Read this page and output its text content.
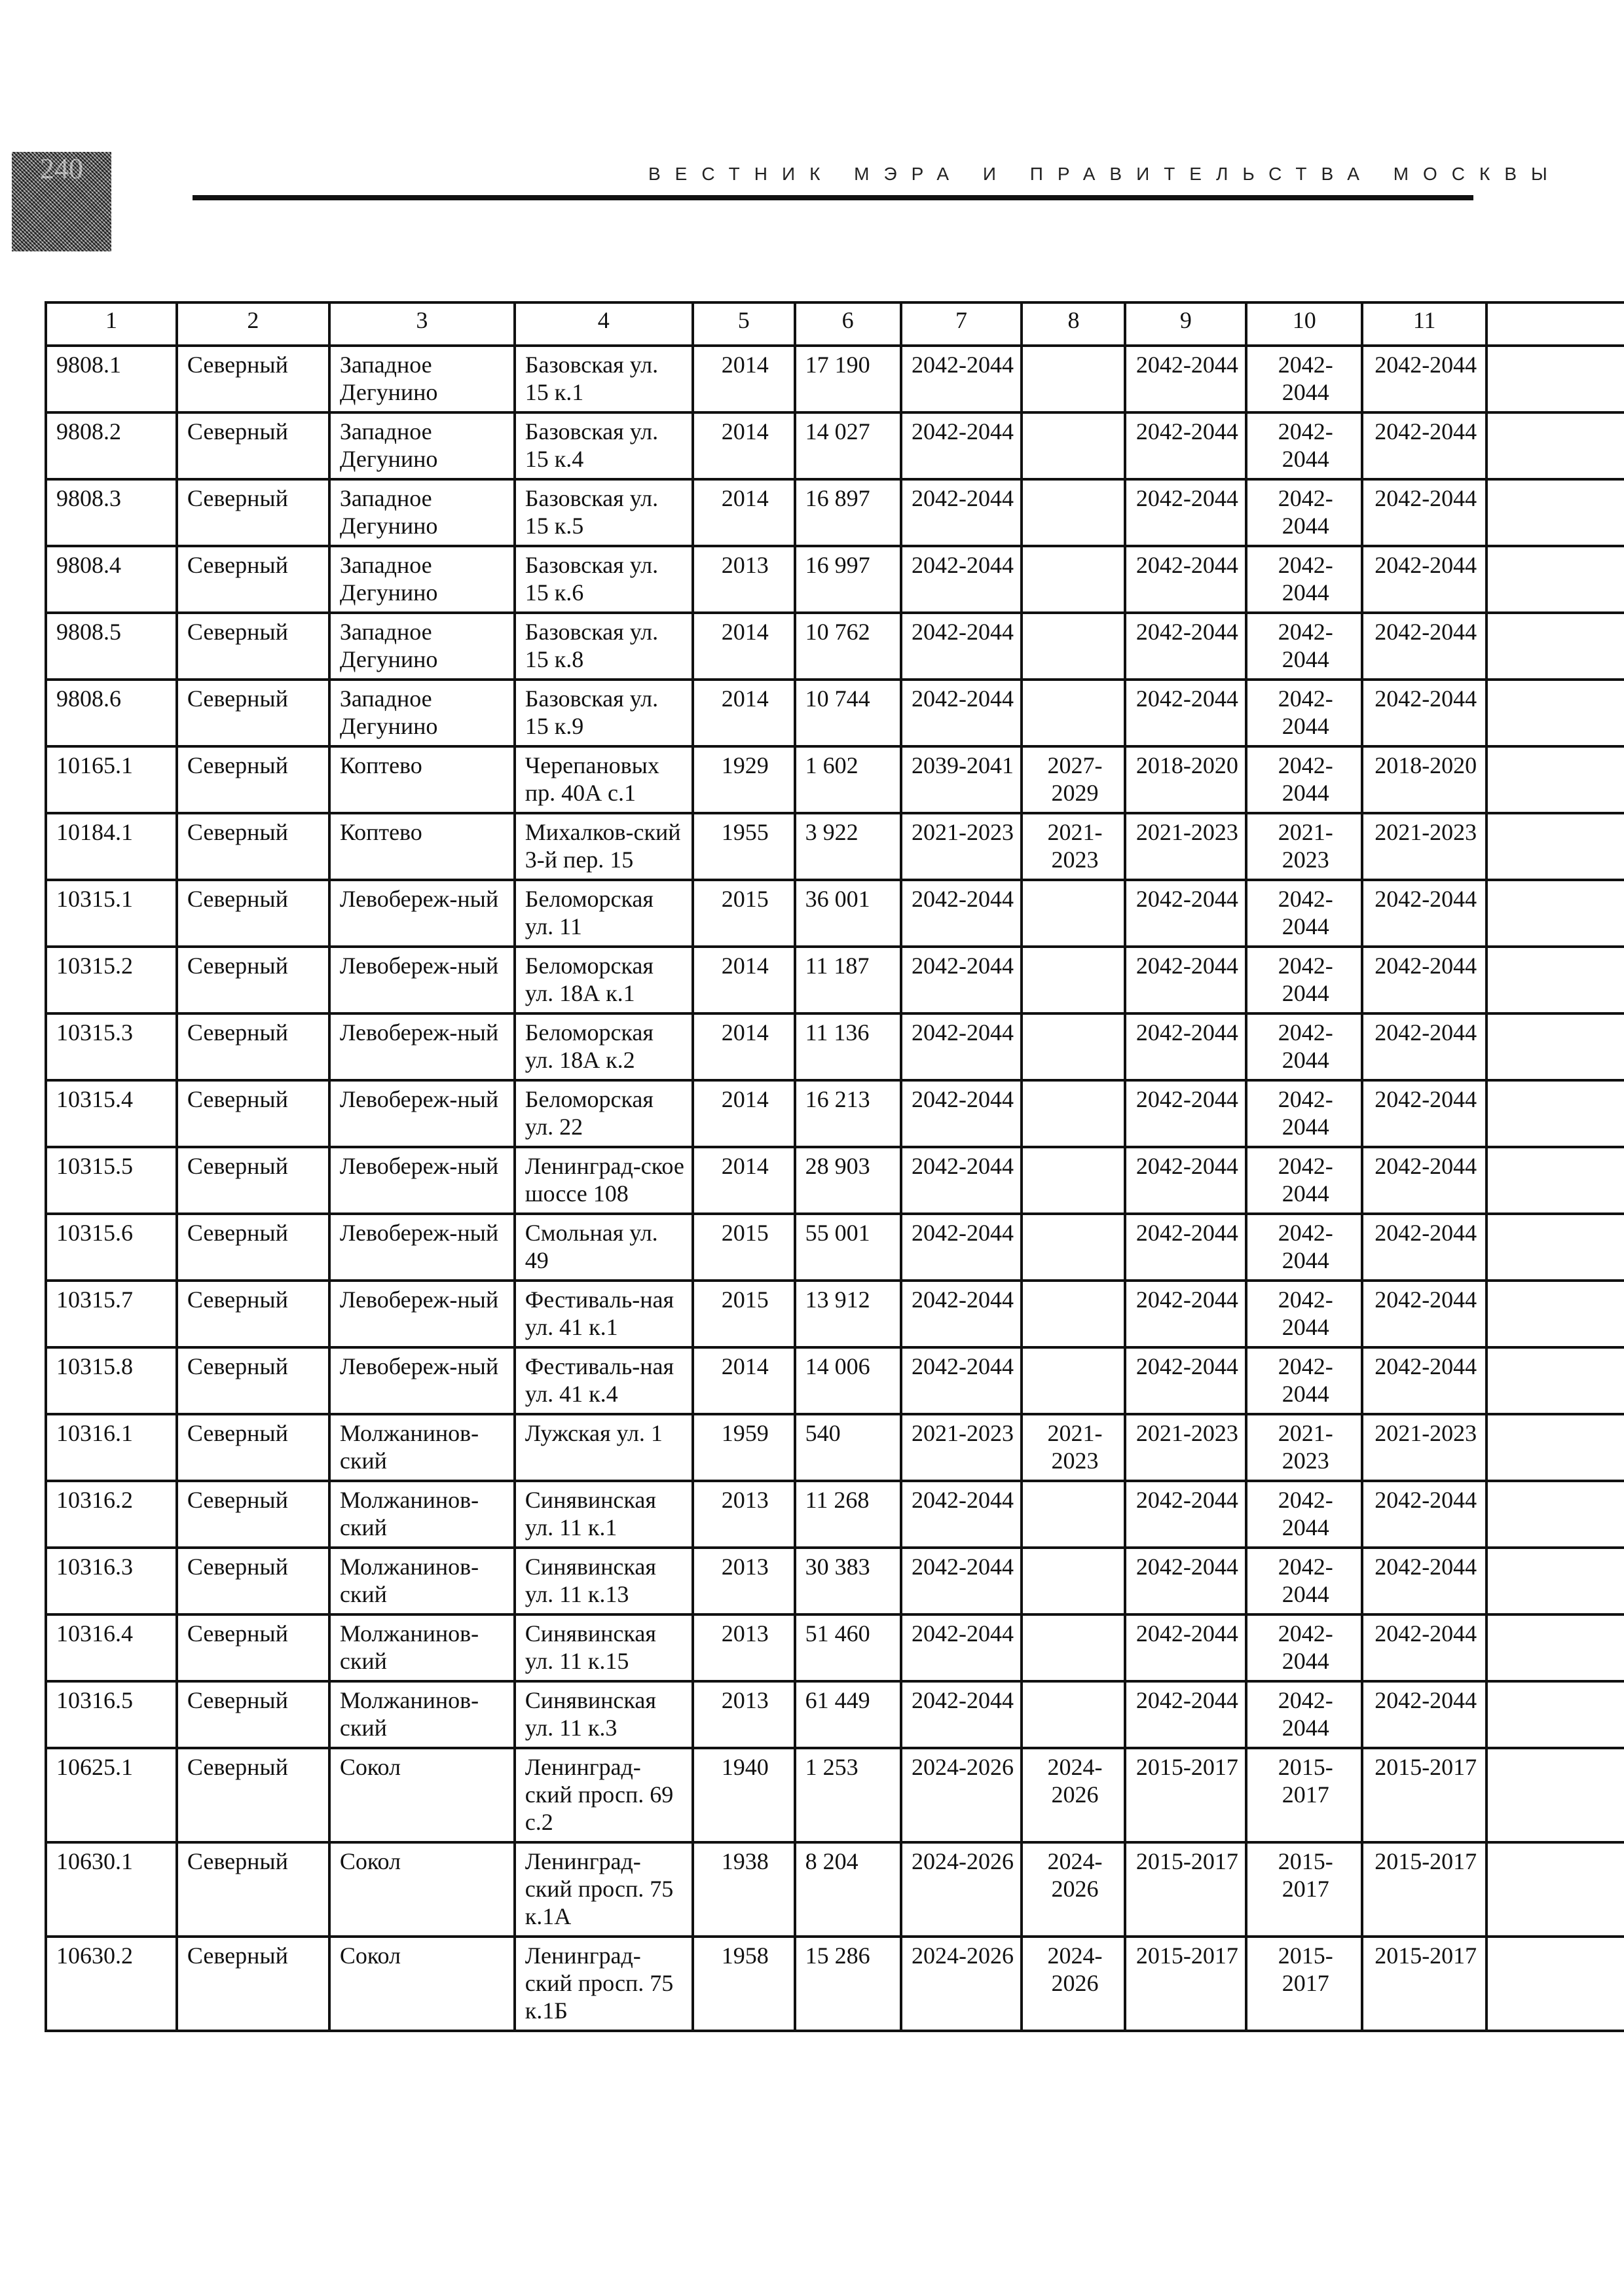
240	ВЕСТНИК МЭРА И ПРАВИТЕЛЬСТВА МОСКВЫ
1	2	3	4	5	6	7	8	9	10	11	
9808.1	Северный	Западное Дегунино	Базовская ул. 15 к.1	2014	17 190	2042-2044		2042-2044	2042-2044	2042-2044	
9808.2	Северный	Западное Дегунино	Базовская ул. 15 к.4	2014	14 027	2042-2044		2042-2044	2042-2044	2042-2044	
9808.3	Северный	Западное Дегунино	Базовская ул. 15 к.5	2014	16 897	2042-2044		2042-2044	2042-2044	2042-2044	
9808.4	Северный	Западное Дегунино	Базовская ул. 15 к.6	2013	16 997	2042-2044		2042-2044	2042-2044	2042-2044	
9808.5	Северный	Западное Дегунино	Базовская ул. 15 к.8	2014	10 762	2042-2044		2042-2044	2042-2044	2042-2044	
9808.6	Северный	Западное Дегунино	Базовская ул. 15 к.9	2014	10 744	2042-2044		2042-2044	2042-2044	2042-2044	
10165.1	Северный	Коптево	Черепановых пр. 40А с.1	1929	1 602	2039-2041	2027-2029	2018-2020	2042-2044	2018-2020	
10184.1	Северный	Коптево	Михалков-ский 3-й пер. 15	1955	3 922	2021-2023	2021-2023	2021-2023	2021-2023	2021-2023	
10315.1	Северный	Левобереж-ный	Беломорская ул. 11	2015	36 001	2042-2044		2042-2044	2042-2044	2042-2044	
10315.2	Северный	Левобереж-ный	Беломорская ул. 18А к.1	2014	11 187	2042-2044		2042-2044	2042-2044	2042-2044	
10315.3	Северный	Левобереж-ный	Беломорская ул. 18А к.2	2014	11 136	2042-2044		2042-2044	2042-2044	2042-2044	
10315.4	Северный	Левобереж-ный	Беломорская ул. 22	2014	16 213	2042-2044		2042-2044	2042-2044	2042-2044	
10315.5	Северный	Левобереж-ный	Ленинград-ское шоссе 108	2014	28 903	2042-2044		2042-2044	2042-2044	2042-2044	
10315.6	Северный	Левобереж-ный	Смольная ул. 49	2015	55 001	2042-2044		2042-2044	2042-2044	2042-2044	
10315.7	Северный	Левобереж-ный	Фестиваль-ная ул. 41 к.1	2015	13 912	2042-2044		2042-2044	2042-2044	2042-2044	
10315.8	Северный	Левобереж-ный	Фестиваль-ная ул. 41 к.4	2014	14 006	2042-2044		2042-2044	2042-2044	2042-2044	
10316.1	Северный	Молжанинов-ский	Лужская ул. 1	1959	540	2021-2023	2021-2023	2021-2023	2021-2023	2021-2023	
10316.2	Северный	Молжанинов-ский	Синявинская ул. 11 к.1	2013	11 268	2042-2044		2042-2044	2042-2044	2042-2044	
10316.3	Северный	Молжанинов-ский	Синявинская ул. 11 к.13	2013	30 383	2042-2044		2042-2044	2042-2044	2042-2044	
10316.4	Северный	Молжанинов-ский	Синявинская ул. 11 к.15	2013	51 460	2042-2044		2042-2044	2042-2044	2042-2044	
10316.5	Северный	Молжанинов-ский	Синявинская ул. 11 к.3	2013	61 449	2042-2044		2042-2044	2042-2044	2042-2044	
10625.1	Северный	Сокол	Ленинград-ский просп. 69 с.2	1940	1 253	2024-2026	2024-2026	2015-2017	2015-2017	2015-2017	
10630.1	Северный	Сокол	Ленинград-ский просп. 75 к.1А	1938	8 204	2024-2026	2024-2026	2015-2017	2015-2017	2015-2017	
10630.2	Северный	Сокол	Ленинград-ский просп. 75 к.1Б	1958	15 286	2024-2026	2024-2026	2015-2017	2015-2017	2015-2017	
